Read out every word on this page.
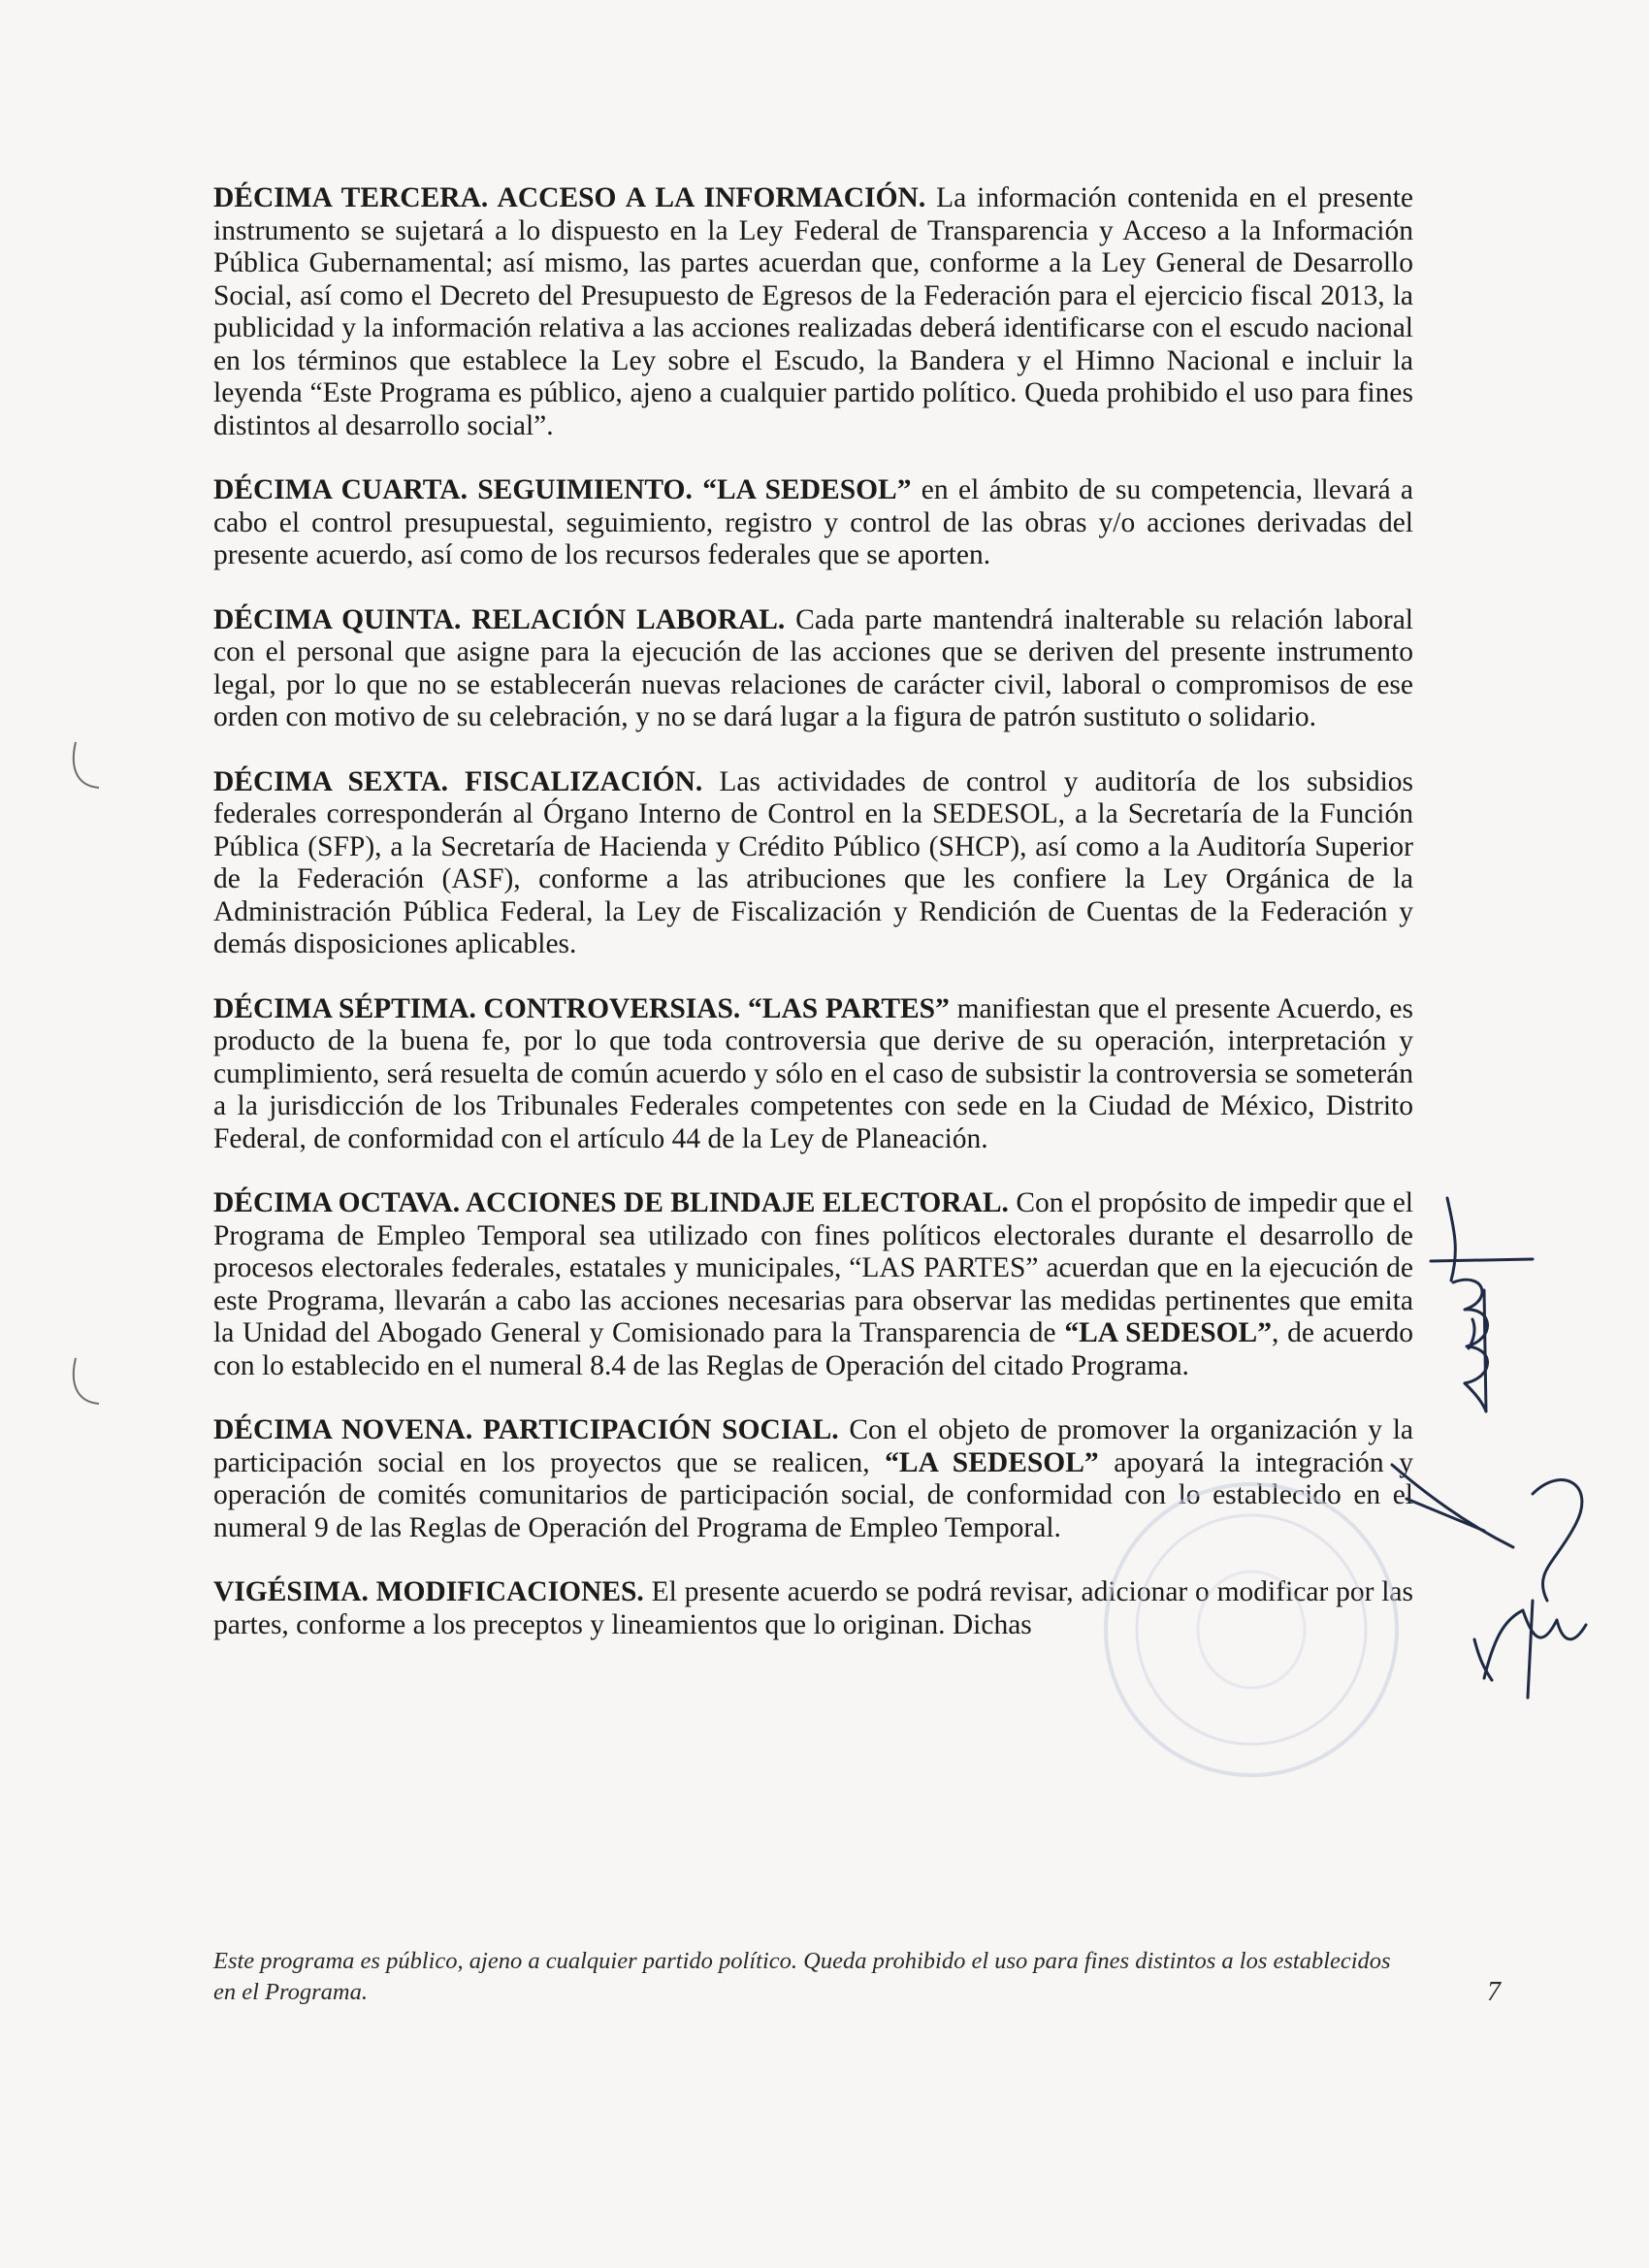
DÉCIMA TERCERA. ACCESO A LA INFORMACIÓN. La información contenida en el presente instrumento se sujetará a lo dispuesto en la Ley Federal de Transparencia y Acceso a la Información Pública Gubernamental; así mismo, las partes acuerdan que, conforme a la Ley General de Desarrollo Social, así como el Decreto del Presupuesto de Egresos de la Federación para el ejercicio fiscal 2013, la publicidad y la información relativa a las acciones realizadas deberá identificarse con el escudo nacional en los términos que establece la Ley sobre el Escudo, la Bandera y el Himno Nacional e incluir la leyenda “Este Programa es público, ajeno a cualquier partido político. Queda prohibido el uso para fines distintos al desarrollo social”.

DÉCIMA CUARTA. SEGUIMIENTO. “LA SEDESOL” en el ámbito de su competencia, llevará a cabo el control presupuestal, seguimiento, registro y control de las obras y/o acciones derivadas del presente acuerdo, así como de los recursos federales que se aporten.

DÉCIMA QUINTA. RELACIÓN LABORAL. Cada parte mantendrá inalterable su relación laboral con el personal que asigne para la ejecución de las acciones que se deriven del presente instrumento legal, por lo que no se establecerán nuevas relaciones de carácter civil, laboral o compromisos de ese orden con motivo de su celebración, y no se dará lugar a la figura de patrón sustituto o solidario.

DÉCIMA SEXTA. FISCALIZACIÓN. Las actividades de control y auditoría de los subsidios federales corresponderán al Órgano Interno de Control en la SEDESOL, a la Secretaría de la Función Pública (SFP), a la Secretaría de Hacienda y Crédito Público (SHCP), así como a la Auditoría Superior de la Federación (ASF), conforme a las atribuciones que les confiere la Ley Orgánica de la Administración Pública Federal, la Ley de Fiscalización y Rendición de Cuentas de la Federación y demás disposiciones aplicables.

DÉCIMA SÉPTIMA. CONTROVERSIAS. “LAS PARTES” manifiestan que el presente Acuerdo, es producto de la buena fe, por lo que toda controversia que derive de su operación, interpretación y cumplimiento, será resuelta de común acuerdo y sólo en el caso de subsistir la controversia se someterán a la jurisdicción de los Tribunales Federales competentes con sede en la Ciudad de México, Distrito Federal, de conformidad con el artículo 44 de la Ley de Planeación.

DÉCIMA OCTAVA. ACCIONES DE BLINDAJE ELECTORAL. Con el propósito de impedir que el Programa de Empleo Temporal sea utilizado con fines políticos electorales durante el desarrollo de procesos electorales federales, estatales y municipales, “LAS PARTES” acuerdan que en la ejecución de este Programa, llevarán a cabo las acciones necesarias para observar las medidas pertinentes que emita la Unidad del Abogado General y Comisionado para la Transparencia de “LA SEDESOL”, de acuerdo con lo establecido en el numeral 8.4 de las Reglas de Operación del citado Programa.

DÉCIMA NOVENA. PARTICIPACIÓN SOCIAL. Con el objeto de promover la organización y la participación social en los proyectos que se realicen, “LA SEDESOL” apoyará la integración y operación de comités comunitarios de participación social, de conformidad con lo establecido en el numeral 9 de las Reglas de Operación del Programa de Empleo Temporal.

VIGÉSIMA. MODIFICACIONES. El presente acuerdo se podrá revisar, adicionar o modificar por las partes, conforme a los preceptos y lineamientos que lo originan. Dichas

Este programa es público, ajeno a cualquier partido político. Queda prohibido el uso para fines distintos a los establecidos en el Programa.	7
